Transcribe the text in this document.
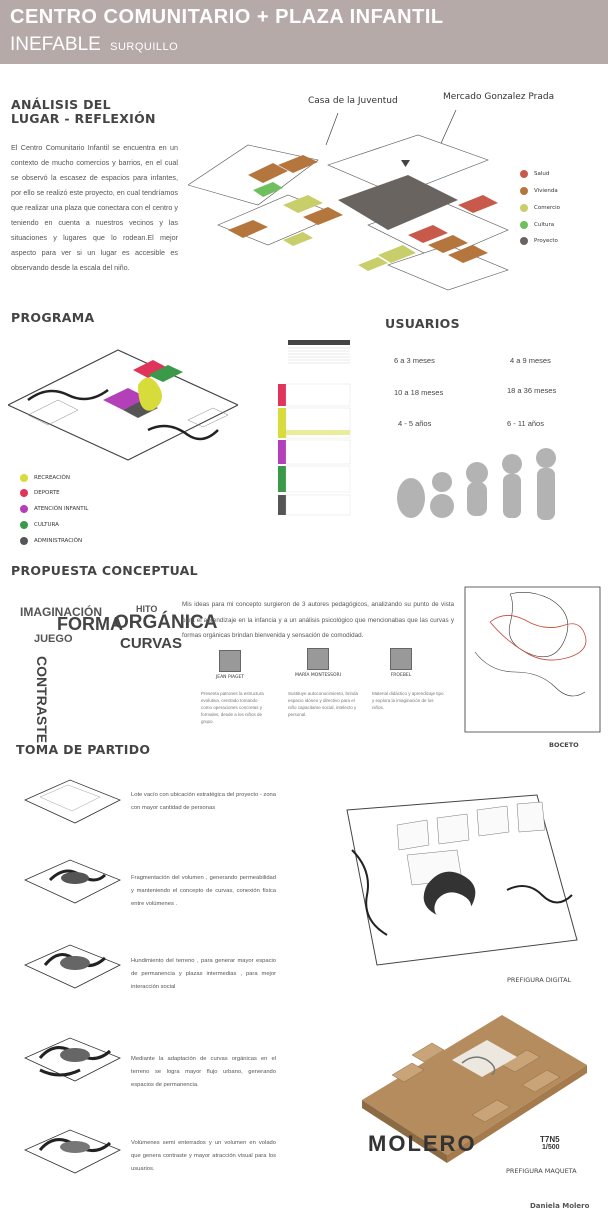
CENTRO COMUNITARIO + PLAZA INFANTIL
INEFABLE SURQUILLO
ANÁLISIS DEL
LUGAR - REFLEXIÓN
El Centro Comunitario Infantil se encuentra en un contexto de mucho comercios y barrios, en el cual se observó la escasez de espacios para infantes, por ello se realizó este proyecto, en cual tendríamos que realizar una plaza que conectara con el centro y teniendo en cuenta a nuestros vecinos y las situaciones y lugares que lo rodean.El mejor aspecto para ver si un lugar es accesible es observando desde la escala del niño.
Casa de la Juventud	Mercado Gonzalez Prada
Salud
Vivienda
Comercio
Cultura
Proyecto
PROGRAMA
RECREACIÓN
DEPORTE
ATENCIÓN INFANTIL
CULTURA
ADMINISTRACIÓN
USUARIOS
6 a 3 meses	4 a 9 meses
10 a 18 meses	18 a 36 meses
4 - 5 años	6 - 11 años
PROPUESTA CONCEPTUAL
IMAGINACIÓN	HITO
FORMA
ORGÁNICA
JUEGO	CURVAS
CONTRASTE
Mis ideas para mi concepto surgieron de 3 autores pedagógicos, analizando su punto de vista para el aprendizaje en la infancia y a un análisis psicológico que mencionabas que las curvas y formas orgánicas brindan bienvenida y sensación de comodidad.
JEAN PIAGET
Presenta patrones la estructura evolutiva, centrado tomando como operaciones concretas y formales, desde a los niños de grupo.
MARÍA MONTESSORI
Sustituye autoconocimiento, brinda espacio idóneo y directivo para el niño capacitarse social, intelecto y personal.
FROEBEL
Material didáctico y aprendizaje tipo y explora la imaginación de los niños.
BOCETO
TOMA DE PARTIDO
Lote vacío con ubicación estratégica del proyecto - zona con mayor cantidad de personas
Fragmentación del volumen , generando permeabilidad y manteniendo el concepto de curvas, conexión física entre volúmenes .
Hundimiento del terreno , para generar mayor espacio de permanencia y plazas intermedias , para mejor interacción social
Mediante la adaptación de curvas orgánicas en el terreno se logra mayor flujo urbano, generando espacios de permanencia.
Volúmenes semi enterrados y un volumen en volado que genera contraste y mayor atracción visual para los usuarios.
PREFIGURA DIGITAL
MOLERO	T7N5
1/500
PREFIGURA MAQUETA
Daniela Molero
